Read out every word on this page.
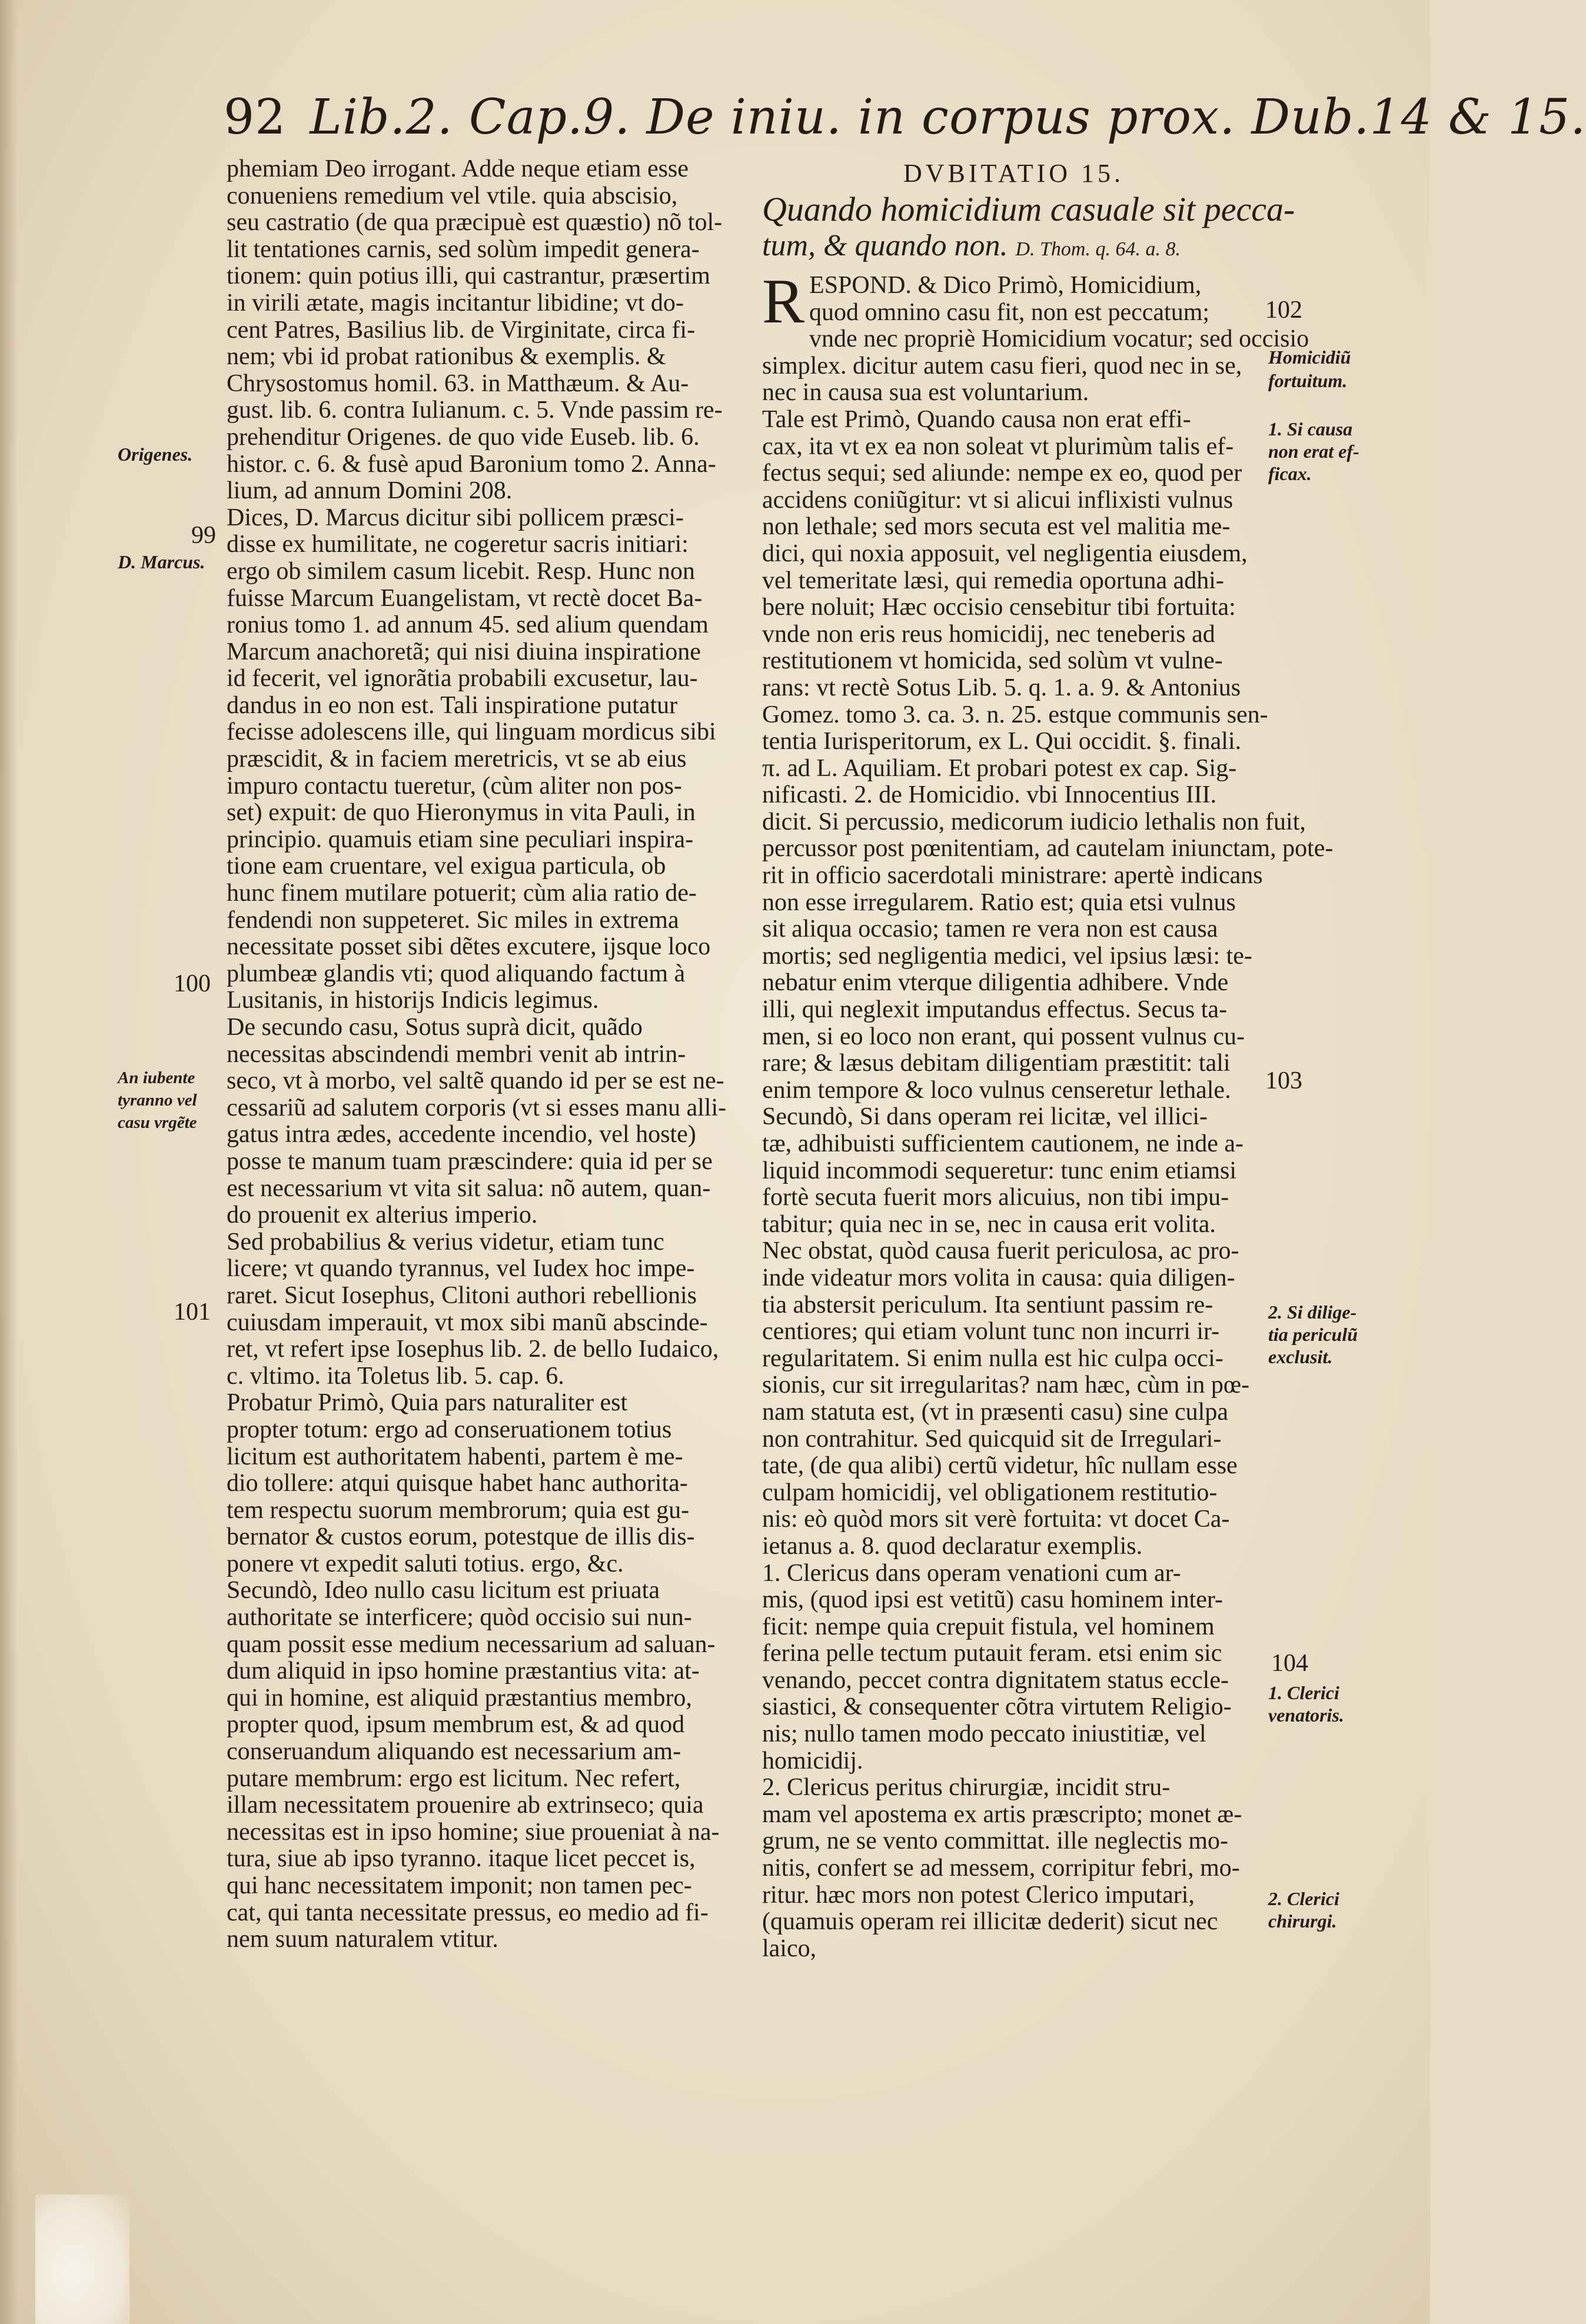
92 Lib.2. Cap.9. De iniu. in corpus prox. Dub.14 & 15.
phemiam Deo irrogant. Adde neque etiam esse
conueniens remedium vel vtile. quia abscisio,
seu castratio (de qua præcipuè est quæstio) nõ tol-
lit tentationes carnis, sed solùm impedit genera-
tionem: quin potius illi, qui castrantur, præsertim
in virili ætate, magis incitantur libidine; vt do-
cent Patres, Basilius lib. de Virginitate, circa fi-
nem; vbi id probat rationibus & exemplis. &
Chrysostomus homil. 63. in Matthæum. & Au-
gust. lib. 6. contra Iulianum. c. 5. Vnde passim re-
prehenditur Origenes. de quo vide Euseb. lib. 6.
histor. c. 6. & fusè apud Baronium tomo 2. Anna-
lium, ad annum Domini 208.
Dices, D. Marcus dicitur sibi pollicem præsci-
disse ex humilitate, ne cogeretur sacris initiari:
ergo ob similem casum licebit. Resp. Hunc non
fuisse Marcum Euangelistam, vt rectè docet Ba-
ronius tomo 1. ad annum 45. sed alium quendam
Marcum anachoretã; qui nisi diuina inspiratione
id fecerit, vel ignorãtia probabili excusetur, lau-
dandus in eo non est. Tali inspiratione putatur
fecisse adolescens ille, qui linguam mordicus sibi
præscidit, & in faciem meretricis, vt se ab eius
impuro contactu tueretur, (cùm aliter non pos-
set) expuit: de quo Hieronymus in vita Pauli, in
principio. quamuis etiam sine peculiari inspira-
tione eam cruentare, vel exigua particula, ob
hunc finem mutilare potuerit; cùm alia ratio de-
fendendi non suppeteret. Sic miles in extrema
necessitate posset sibi dẽtes excutere, ijsque loco
plumbeæ glandis vti; quod aliquando factum à
Lusitanis, in historijs Indicis legimus.
De secundo casu, Sotus suprà dicit, quãdo
necessitas abscindendi membri venit ab intrin-
seco, vt à morbo, vel saltẽ quando id per se est ne-
cessariũ ad salutem corporis (vt si esses manu alli-
gatus intra ædes, accedente incendio, vel hoste)
posse te manum tuam præscindere: quia id per se
est necessarium vt vita sit salua: nõ autem, quan-
do prouenit ex alterius imperio.
Sed probabilius & verius videtur, etiam tunc
licere; vt quando tyrannus, vel Iudex hoc impe-
raret. Sicut Iosephus, Clitoni authori rebellionis
cuiusdam imperauit, vt mox sibi manũ abscinde-
ret, vt refert ipse Iosephus lib. 2. de bello Iudaico,
c. vltimo. ita Toletus lib. 5. cap. 6.
Probatur Primò, Quia pars naturaliter est
propter totum: ergo ad conseruationem totius
licitum est authoritatem habenti, partem è me-
dio tollere: atqui quisque habet hanc authorita-
tem respectu suorum membrorum; quia est gu-
bernator & custos eorum, potestque de illis dis-
ponere vt expedit saluti totius. ergo, &c.
Secundò, Ideo nullo casu licitum est priuata
authoritate se interficere; quòd occisio sui nun-
quam possit esse medium necessarium ad saluan-
dum aliquid in ipso homine præstantius vita: at-
qui in homine, est aliquid præstantius membro,
propter quod, ipsum membrum est, & ad quod
conseruandum aliquando est necessarium am-
putare membrum: ergo est licitum. Nec refert,
illam necessitatem prouenire ab extrinseco; quia
necessitas est in ipso homine; siue proueniat à na-
tura, siue ab ipso tyranno. itaque licet peccet is,
qui hanc necessitatem imponit; non tamen pec-
cat, qui tanta necessitate pressus, eo medio ad fi-
nem suum naturalem vtitur.
DVBITATIO 15.
Quando homicidium casuale sit pecca-
tum, & quando non. D. Thom. q. 64. a. 8.
R ESPOND. & Dico Primò, Homicidium,
quod omnino casu fit, non est peccatum;
vnde nec propriè Homicidium vocatur; sed occisio
simplex. dicitur autem casu fieri, quod nec in se,
nec in causa sua est voluntarium.
Tale est Primò, Quando causa non erat effi-
cax, ita vt ex ea non soleat vt plurimùm talis ef-
fectus sequi; sed aliunde: nempe ex eo, quod per
accidens coniũgitur: vt si alicui inflixisti vulnus
non lethale; sed mors secuta est vel malitia me-
dici, qui noxia apposuit, vel negligentia eiusdem,
vel temeritate læsi, qui remedia oportuna adhi-
bere noluit; Hæc occisio censebitur tibi fortuita:
vnde non eris reus homicidij, nec teneberis ad
restitutionem vt homicida, sed solùm vt vulne-
rans: vt rectè Sotus Lib. 5. q. 1. a. 9. & Antonius
Gomez. tomo 3. ca. 3. n. 25. estque communis sen-
tentia Iurisperitorum, ex L. Qui occidit. §. finali.
π. ad L. Aquiliam. Et probari potest ex cap. Sig-
nificasti. 2. de Homicidio. vbi Innocentius III.
dicit. Si percussio, medicorum iudicio lethalis non fuit,
percussor post pœnitentiam, ad cautelam iniunctam, pote-
rit in officio sacerdotali ministrare: apertè indicans
non esse irregularem. Ratio est; quia etsi vulnus
sit aliqua occasio; tamen re vera non est causa
mortis; sed negligentia medici, vel ipsius læsi: te-
nebatur enim vterque diligentia adhibere. Vnde
illi, qui neglexit imputandus effectus. Secus ta-
men, si eo loco non erant, qui possent vulnus cu-
rare; & læsus debitam diligentiam præstitit: tali
enim tempore & loco vulnus censeretur lethale.
Secundò, Si dans operam rei licitæ, vel illici-
tæ, adhibuisti sufficientem cautionem, ne inde a-
liquid incommodi sequeretur: tunc enim etiamsi
fortè secuta fuerit mors alicuius, non tibi impu-
tabitur; quia nec in se, nec in causa erit volita.
Nec obstat, quòd causa fuerit periculosa, ac pro-
inde videatur mors volita in causa: quia diligen-
tia abstersit periculum. Ita sentiunt passim re-
centiores; qui etiam volunt tunc non incurri ir-
regularitatem. Si enim nulla est hic culpa occi-
sionis, cur sit irregularitas? nam hæc, cùm in pœ-
nam statuta est, (vt in præsenti casu) sine culpa
non contrahitur. Sed quicquid sit de Irregulari-
tate, (de qua alibi) certũ videtur, hîc nullam esse
culpam homicidij, vel obligationem restitutio-
nis: eò quòd mors sit verè fortuita: vt docet Ca-
ietanus a. 8. quod declaratur exemplis.
1. Clericus dans operam venationi cum ar-
mis, (quod ipsi est vetitũ) casu hominem inter-
ficit: nempe quia crepuit fistula, vel hominem
ferina pelle tectum putauit feram. etsi enim sic
venando, peccet contra dignitatem status eccle-
siastici, & consequenter cõtra virtutem Religio-
nis; nullo tamen modo peccato iniustitiæ, vel
homicidij.
2. Clericus peritus chirurgiæ, incidit stru-
mam vel apostema ex artis præscripto; monet æ-
grum, ne se vento committat. ille neglectis mo-
nitis, confert se ad messem, corripitur febri, mo-
ritur. hæc mors non potest Clerico imputari,
(quamuis operam rei illicitæ dederit) sicut nec
laico,
Origenes.
99
D. Marcus.
100
An iubente
tyranno vel
casu vrgẽte
101
102
Homicidiũ
fortuitum.
1. Si causa
non erat ef-
ficax.
103
2. Si dilige-
tia periculũ
exclusit.
104
1. Clerici
venatoris.
2. Clerici
chirurgi.
